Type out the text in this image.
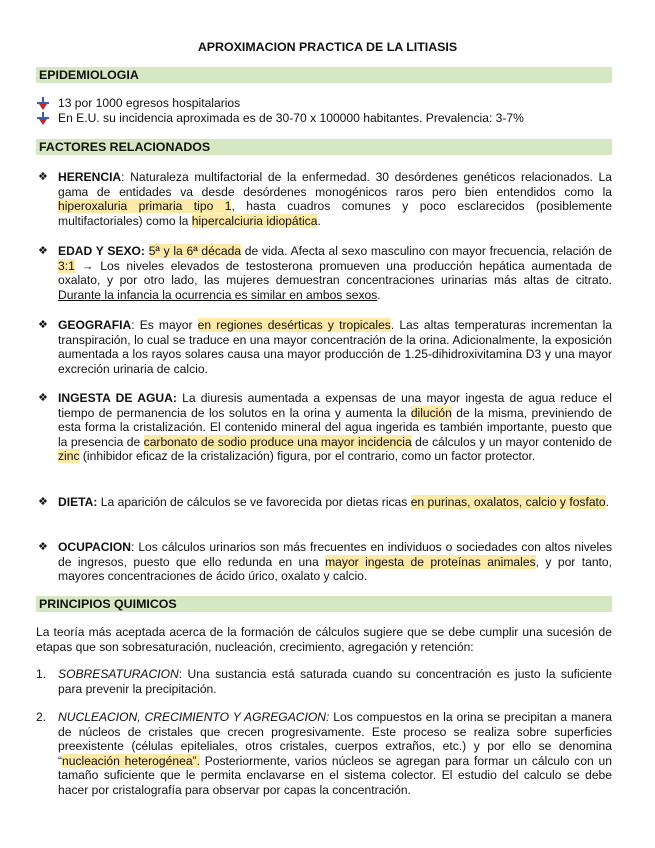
APROXIMACION PRACTICA DE LA LITIASIS
EPIDEMIOLOGIA
13 por 1000 egresos hospitalarios
En E.U. su incidencia aproximada es de 30-70 x 100000 habitantes. Prevalencia: 3-7%
FACTORES RELACIONADOS
❖ HERENCIA: Naturaleza multifactorial de la enfermedad. 30 desórdenes genéticos relacionados. La gama de entidades va desde desórdenes monogénicos raros pero bien entendidos como la hiperoxaluria primaria tipo 1, hasta cuadros comunes y poco esclarecidos (posiblemente multifactoriales) como la hipercalciuria idiopática.
❖ EDAD Y SEXO: 5ª y la 6ª década de vida. Afecta al sexo masculino con mayor frecuencia, relación de 3:1 → Los niveles elevados de testosterona promueven una producción hepática aumentada de oxalato, y por otro lado, las mujeres demuestran concentraciones urinarias más altas de citrato. Durante la infancia la ocurrencia es similar en ambos sexos.
❖ GEOGRAFIA: Es mayor en regiones desérticas y tropicales. Las altas temperaturas incrementan la transpiración, lo cual se traduce en una mayor concentración de la orina. Adicionalmente, la exposición aumentada a los rayos solares causa una mayor producción de 1.25-dihidroxivitamina D3 y una mayor excreción urinaria de calcio.
❖ INGESTA DE AGUA: La diuresis aumentada a expensas de una mayor ingesta de agua reduce el tiempo de permanencia de los solutos en la orina y aumenta la dilución de la misma, previniendo de esta forma la cristalización. El contenido mineral del agua ingerida es también importante, puesto que la presencia de carbonato de sodio produce una mayor incidencia de cálculos y un mayor contenido de zinc (inhibidor eficaz de la cristalización) figura, por el contrario, como un factor protector.
❖ DIETA: La aparición de cálculos se ve favorecida por dietas ricas en purinas, oxalatos, calcio y fosfato.
❖ OCUPACION: Los cálculos urinarios son más frecuentes en individuos o sociedades con altos niveles de ingresos, puesto que ello redunda en una mayor ingesta de proteínas animales, y por tanto, mayores concentraciones de ácido úrico, oxalato y calcio.
PRINCIPIOS QUIMICOS
La teoría más aceptada acerca de la formación de cálculos sugiere que se debe cumplir una sucesión de etapas que son sobresaturación, nucleación, crecimiento, agregación y retención:
1. SOBRESATURACION: Una sustancia está saturada cuando su concentración es justo la suficiente para prevenir la precipitación.
2. NUCLEACION, CRECIMIENTO Y AGREGACION: Los compuestos en la orina se precipitan a manera de núcleos de cristales que crecen progresivamente. Este proceso se realiza sobre superficies preexistente (células epiteliales, otros cristales, cuerpos extraños, etc.) y por ello se denomina “nucleación heterogénea”. Posteriormente, varios núcleos se agregan para formar un cálculo con un tamaño suficiente que le permita enclavarse en el sistema colector. El estudio del calculo se debe hacer por cristalografía para observar por capas la concentración.
